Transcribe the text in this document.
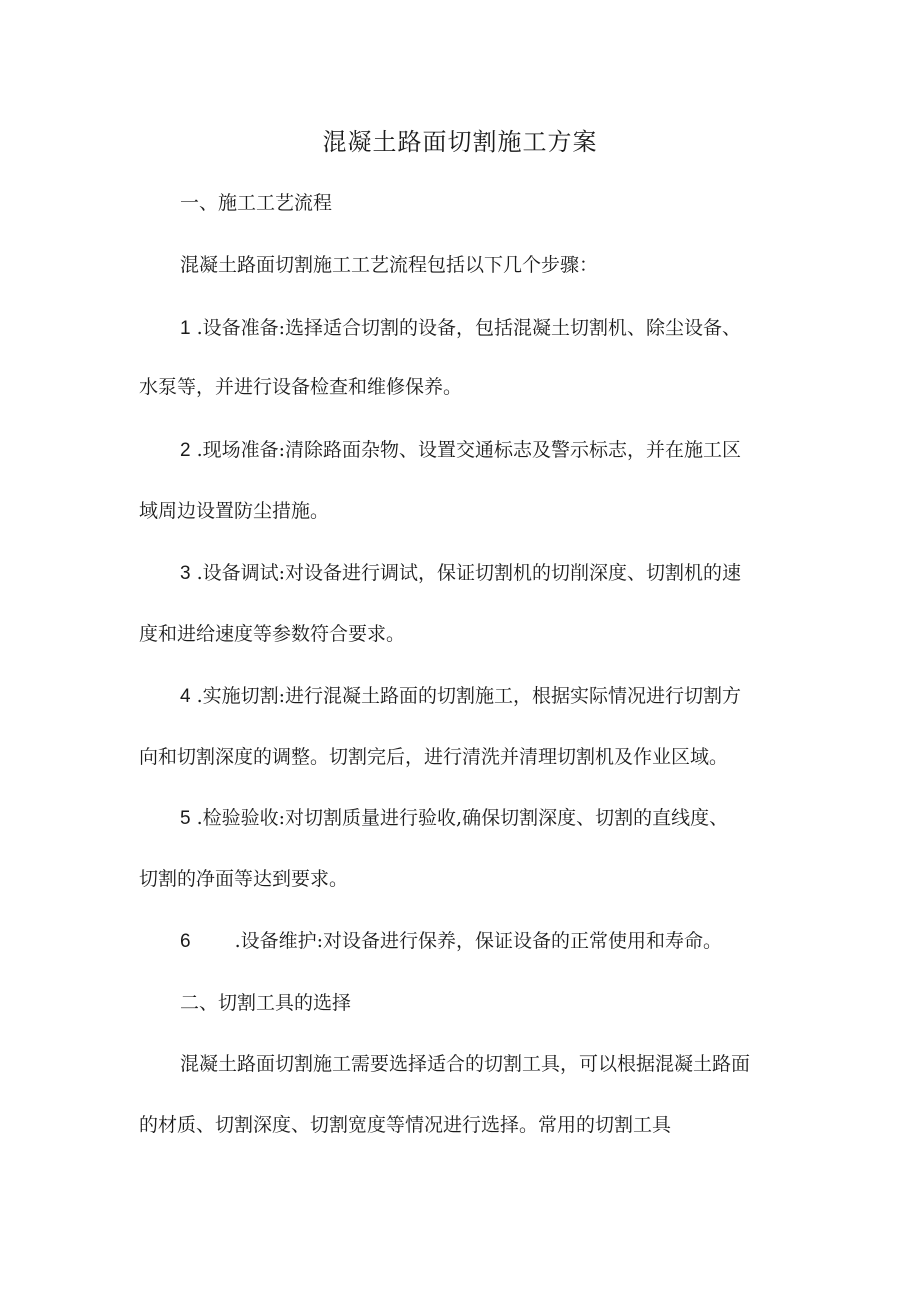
混凝土路面切割施工方案
一、施工工艺流程
混凝土路面切割施工工艺流程包括以下几个步骤：
1 .设备准备:选择适合切割的设备，包括混凝土切割机、除尘设备、
水泵等，并进行设备检查和维修保养。
2 .现场准备:清除路面杂物、设置交通标志及警示标志，并在施工区
域周边设置防尘措施。
3 .设备调试:对设备进行调试，保证切割机的切削深度、切割机的速
度和进给速度等参数符合要求。
4 .实施切割:进行混凝土路面的切割施工，根据实际情况进行切割方
向和切割深度的调整。切割完后，进行清洗并清理切割机及作业区域。
5 .检验验收:对切割质量进行验收,确保切割深度、切割的直线度、
切割的净面等达到要求。
6 .设备维护:对设备进行保养，保证设备的正常使用和寿命。
二、切割工具的选择
混凝土路面切割施工需要选择适合的切割工具，可以根据混凝土路面
的材质、切割深度、切割宽度等情况进行选择。常用的切割工具
